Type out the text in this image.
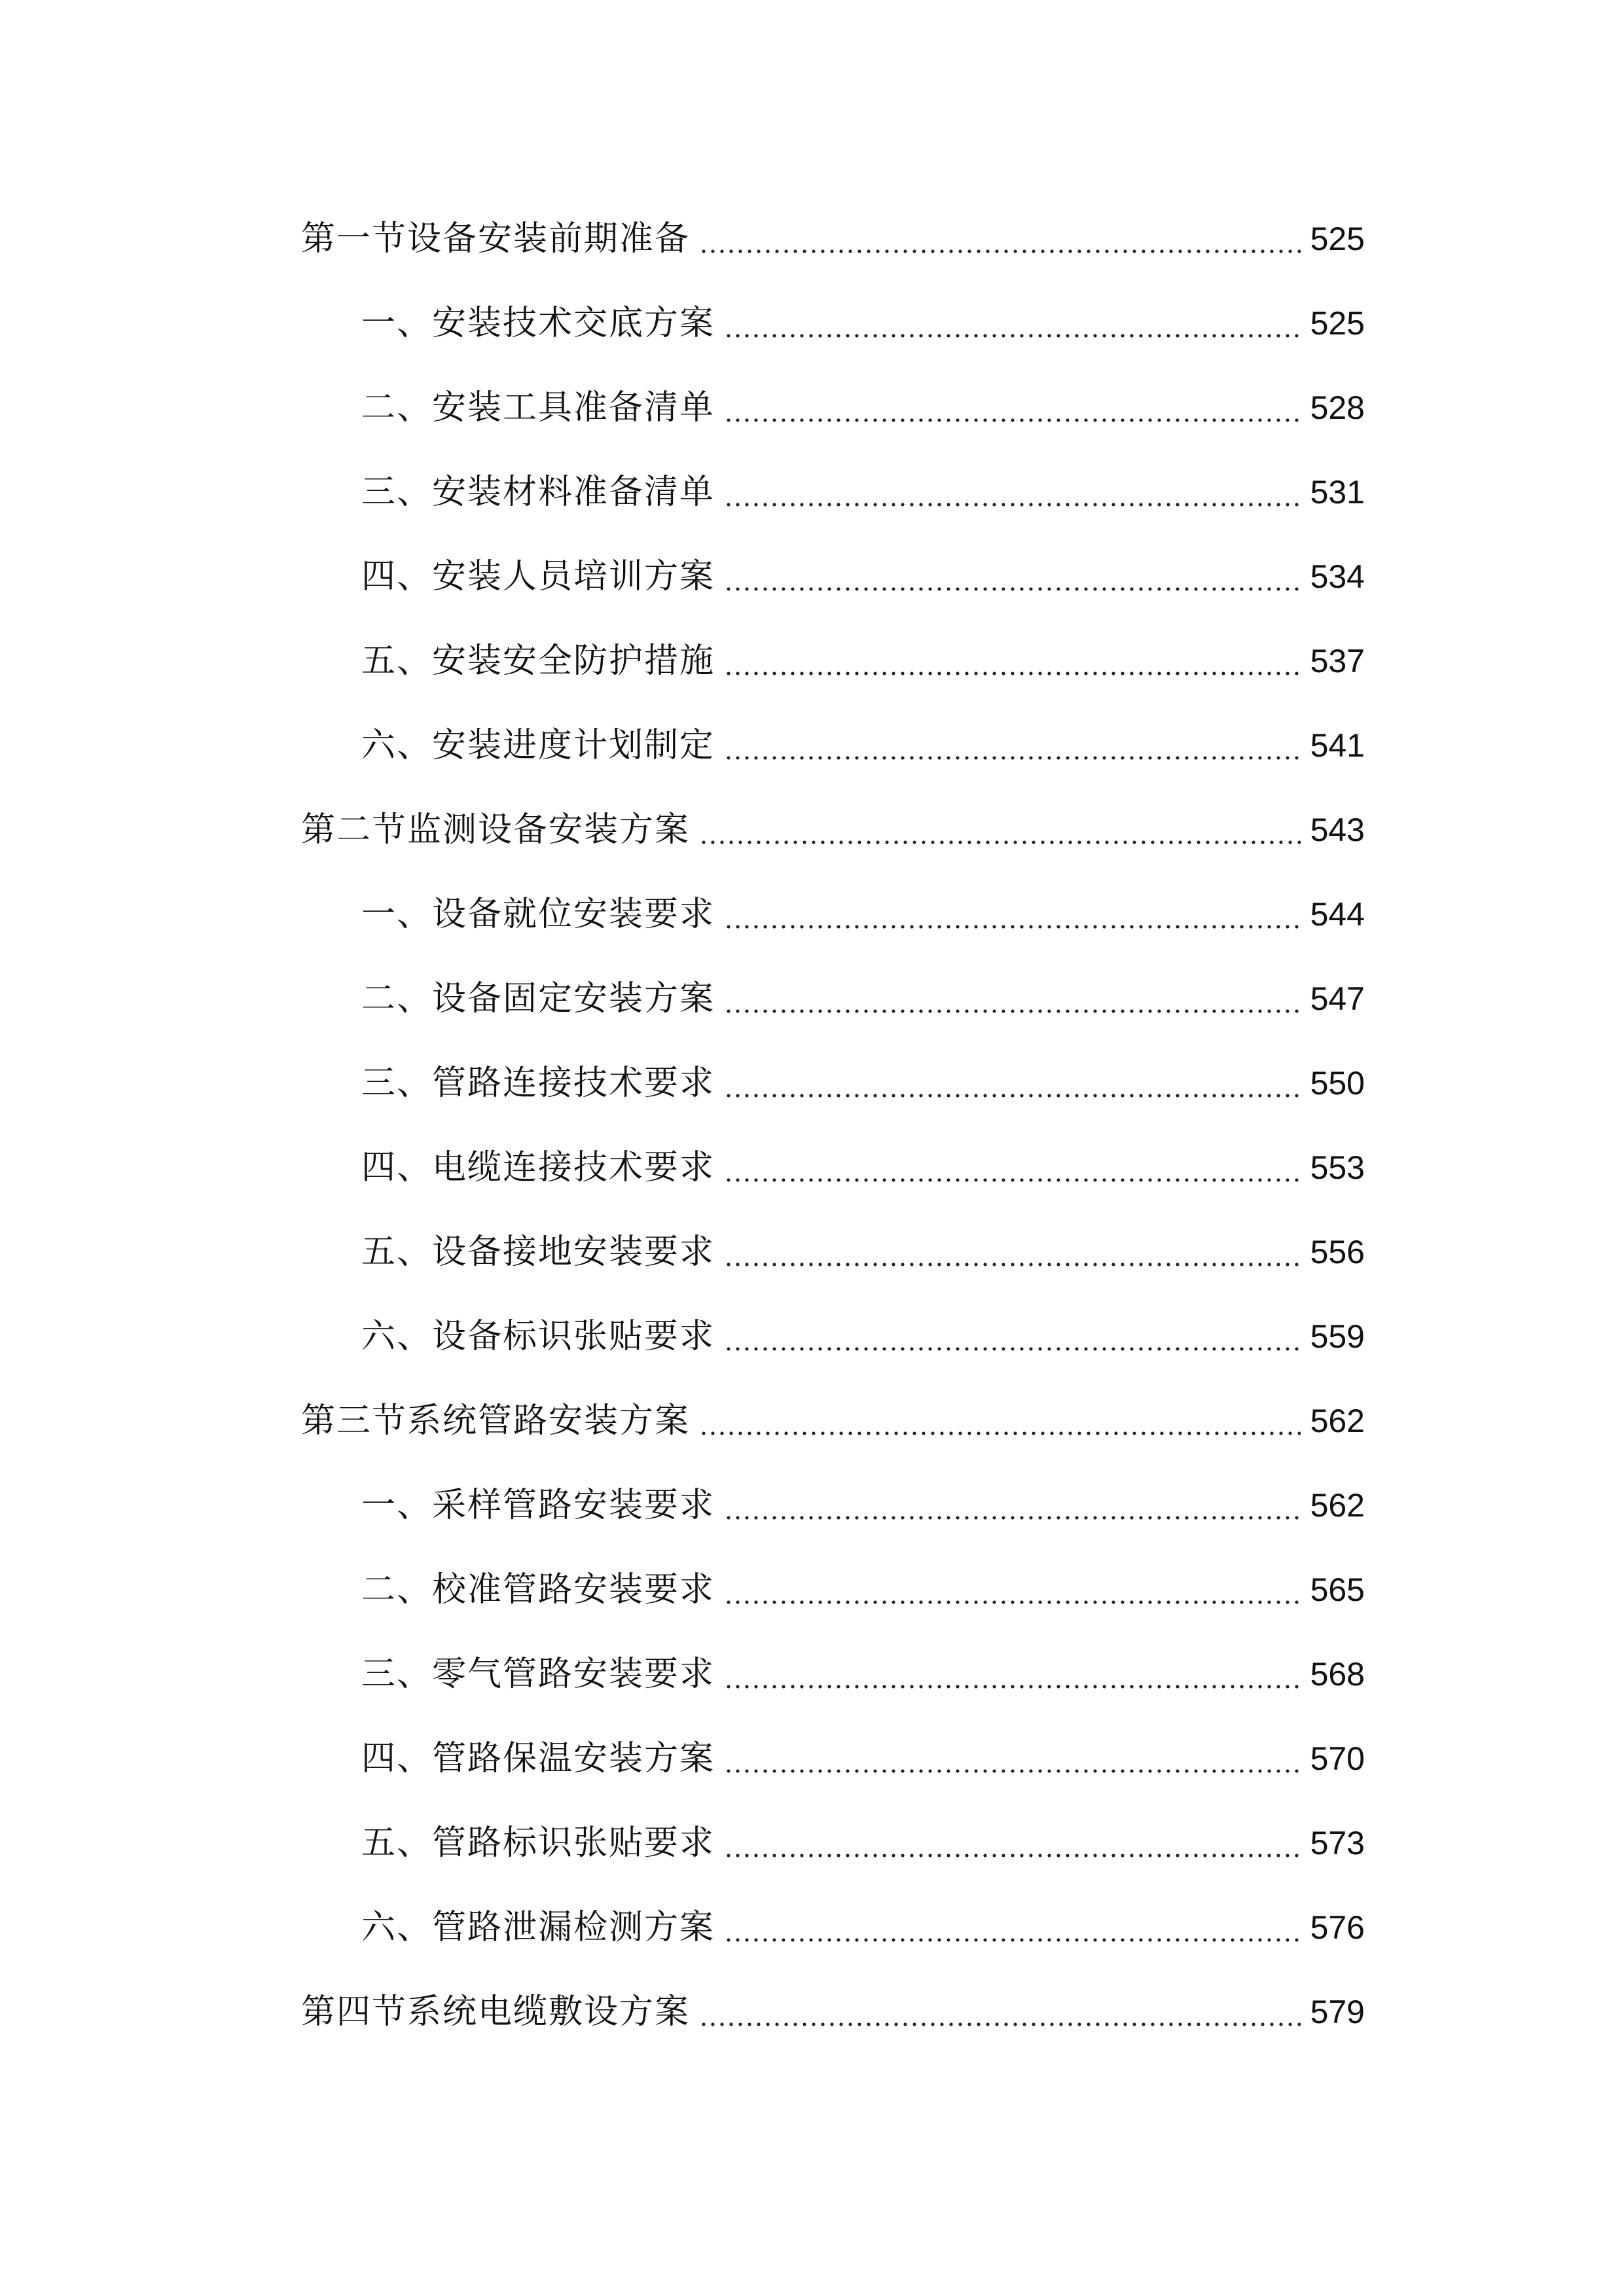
第一节设备安装前期准备	525
一、安装技术交底方案	525
二、安装工具准备清单	528
三、安装材料准备清单	531
四、安装人员培训方案	534
五、安装安全防护措施	537
六、安装进度计划制定	541
第二节监测设备安装方案	543
一、设备就位安装要求	544
二、设备固定安装方案	547
三、管路连接技术要求	550
四、电缆连接技术要求	553
五、设备接地安装要求	556
六、设备标识张贴要求	559
第三节系统管路安装方案	562
一、采样管路安装要求	562
二、校准管路安装要求	565
三、零气管路安装要求	568
四、管路保温安装方案	570
五、管路标识张贴要求	573
六、管路泄漏检测方案	576
第四节系统电缆敷设方案	579
